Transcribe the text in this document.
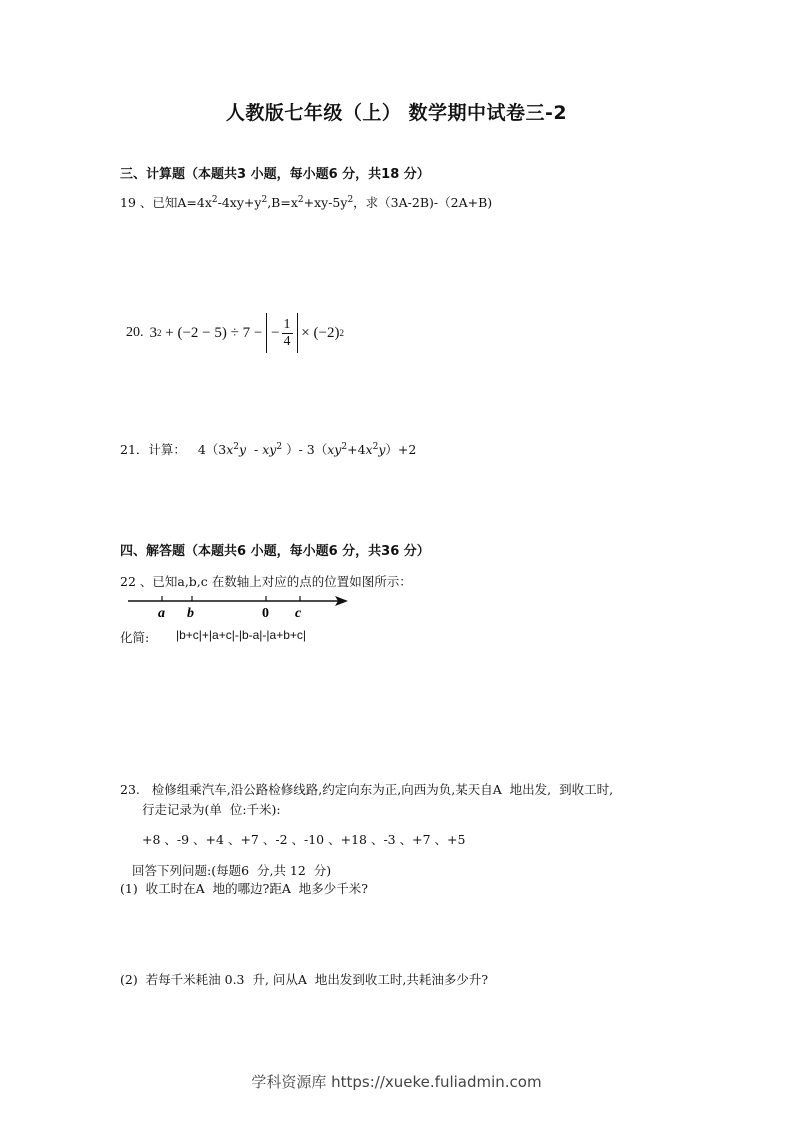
人教版七年级（上） 数学期中试卷三-2
三、计算题（本题共3 小题，每小题6 分，共18 分）
19 、已知$A=4x^2-4xy+y^2,B=x^2+xy-5y^2$，求（3A-2B)-（2A+B)
20. 3 2 + (−2 − 5) ÷ 7 − − $\frac{1}{4} \times (-2)$ 2
21．计算：   $4(3x^2y - xy^2$ ）- $3(xy^2+4x^2y)+2$
四、解答题（本题共6 小题，每小题6 分，共36 分）
22 、已知a,b,c 在数轴上对应的点的位置如图所示：
a b	0 c
化简: |b+c|+|a+c|-|b-a|-|a+b+c|
23.   检修组乘汽车,沿公路检修线路,约定向东为正,向西为负,某天自A  地出发,  到收工时,
行走记录为(单  位:千米):
+8 、-9 、+4 、+7 、-2 、-10 、+18 、-3 、+7 、+5
回答下列问题:(每题6  分,共 12  分)
(1)  收工时在A  地的哪边?距A  地多少千米?
(2)  若每千米耗油 0.3  升, 问从A  地出发到收工时,共耗油多少升?
学科资源库 https://xueke.fuliadmin.com
